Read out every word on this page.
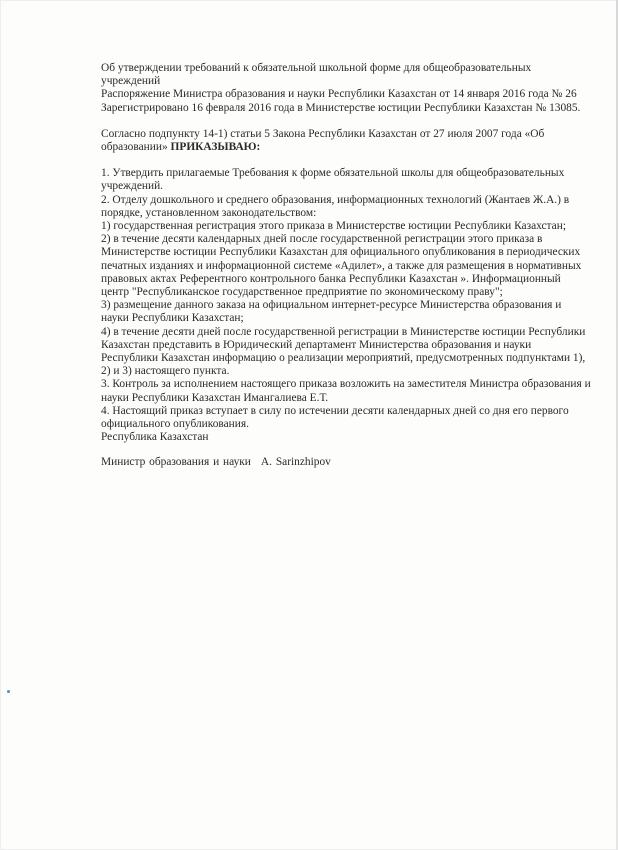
Об утверждении требований к обязательной школьной форме для общеобразовательных

учреждений

Распоряжение Министра образования и науки Республики Казахстан от 14 января 2016 года № 26 Зарегистрировано 16 февраля 2016 года в Министерстве юстиции Республики Казахстан № 13085.

Согласно подпункту 14-1) статьи 5 Закона Республики Казахстан от 27 июля 2007 года «Об образовании» ПРИКАЗЫВАЮ:

1. Утвердить прилагаемые Требования к форме обязательной школы для общеобразовательных учреждений.

2. Отделу дошкольного и среднего образования, информационных технологий (Жантаев Ж.А.) в порядке, установленном законодательством:

1) государственная регистрация этого приказа в Министерстве юстиции Республики Казахстан;

2) в течение десяти календарных дней после государственной регистрации этого приказа в Министерстве юстиции Республики Казахстан для официального опубликования в периодических печатных изданиях и информационной системе «Адилет», а также для размещения в нормативных правовых актах Референтного контрольного банка Республики Казахстан ». Информационный центр "Республиканское государственное предприятие по экономическому праву";

3) размещение данного заказа на официальном интернет-ресурсе Министерства образования и науки Республики Казахстан;

4) в течение десяти дней после государственной регистрации в Министерстве юстиции Республики Казахстан представить в Юридический департамент Министерства образования и науки Республики Казахстан информацию о реализации мероприятий, предусмотренных подпунктами 1), 2) и 3) настоящего пункта.

3. Контроль за исполнением настоящего приказа возложить на заместителя Министра образования и науки Республики Казахстан Имангалиева Е.Т.

4. Настоящий приказ вступает в силу по истечении десяти календарных дней со дня его первого официального опубликования.

Республика Казахстан

Министр образования и науки A. Sarinzhipov
